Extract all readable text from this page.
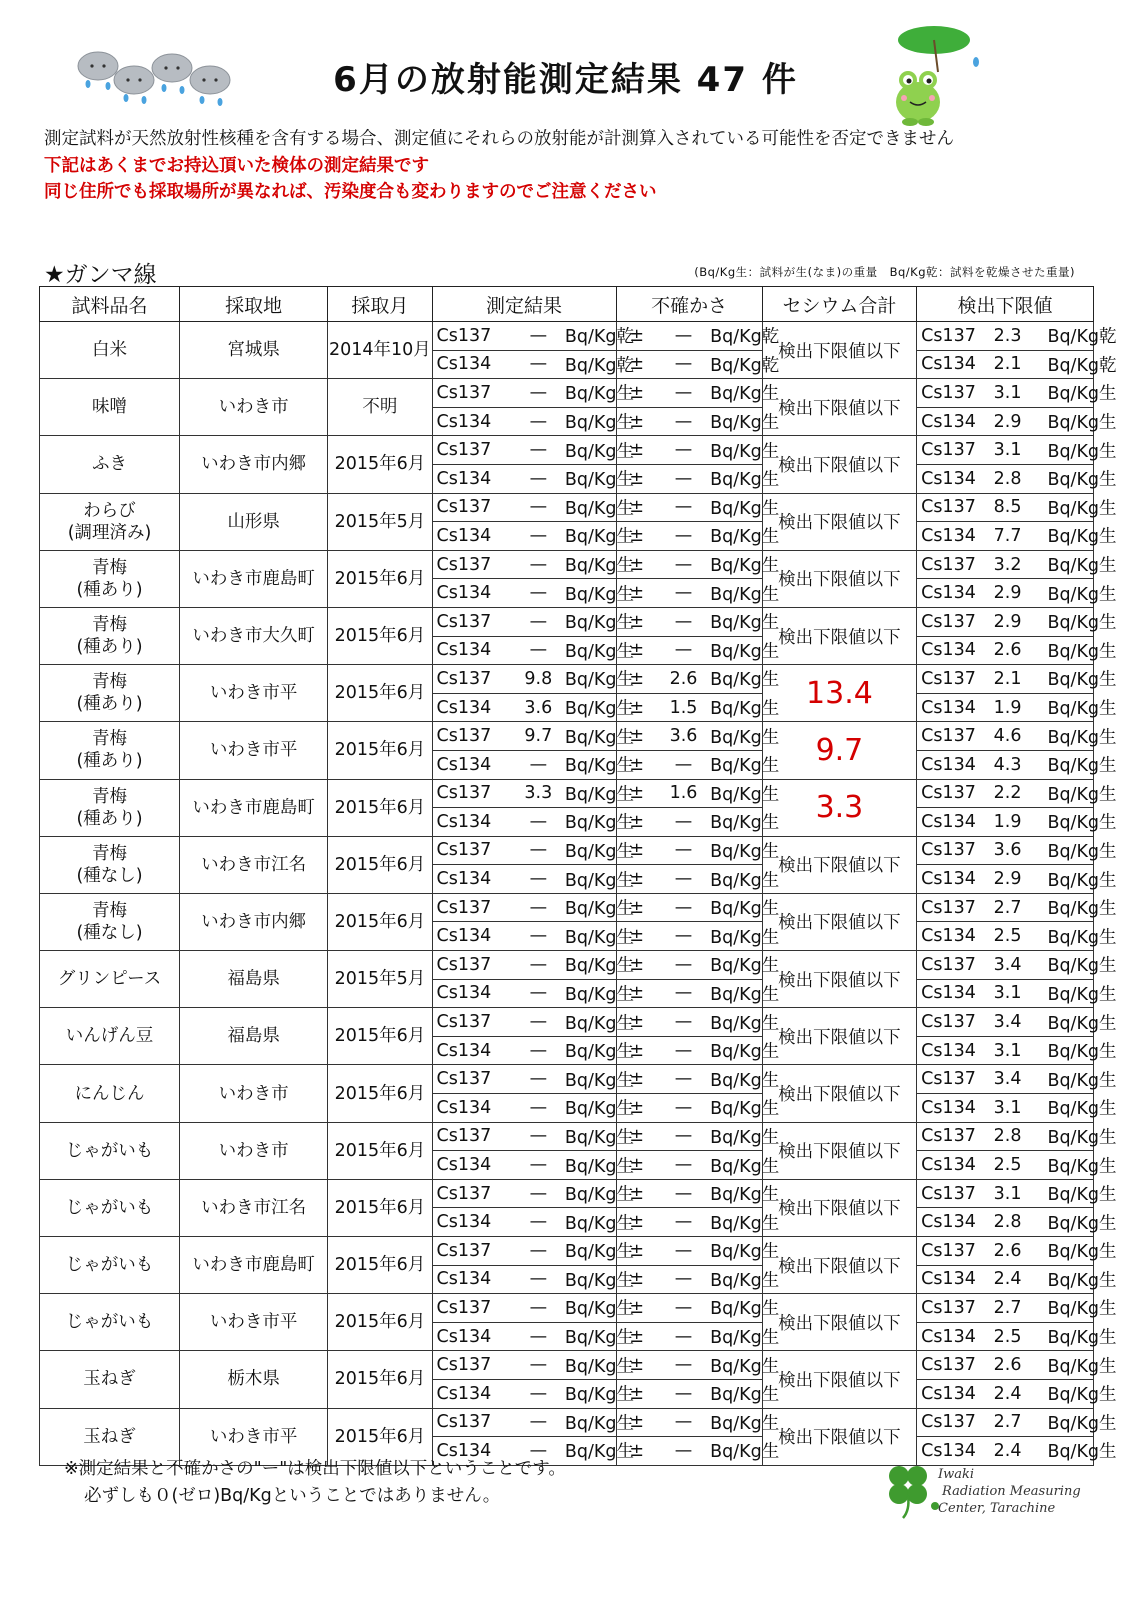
6月の放射能測定結果 47 件
測定試料が天然放射性核種を含有する場合、測定値にそれらの放射能が計測算入されている可能性を否定できません
下記はあくまでお持込頂いた検体の測定結果です
同じ住所でも採取場所が異なれば、汚染度合も変わりますのでご注意ください
★ガンマ線	(Bq/Kg生：試料が生(なま)の重量　Bq/Kg乾：試料を乾燥させた重量)
試料品名	採取地	採取月	測定結果			不確かさ			セシウム合計	検出下限値		
白米	宮城県	2014年10月	Cs137	—	Bq/Kg乾	±	—	Bq/Kg乾	検出下限値以下	Cs137	2.3	Bq/Kg乾
			Cs134	—	Bq/Kg乾	±	—	Bq/Kg乾		Cs134	2.1	Bq/Kg乾
味噌	いわき市	不明	Cs137	—	Bq/Kg生	±	—	Bq/Kg生	検出下限値以下	Cs137	3.1	Bq/Kg生
			Cs134	—	Bq/Kg生	±	—	Bq/Kg生		Cs134	2.9	Bq/Kg生
ふき	いわき市内郷	2015年6月	Cs137	—	Bq/Kg生	±	—	Bq/Kg生	検出下限値以下	Cs137	3.1	Bq/Kg生
			Cs134	—	Bq/Kg生	±	—	Bq/Kg生		Cs134	2.8	Bq/Kg生
わらび
(調理済み)	山形県	2015年5月	Cs137	—	Bq/Kg生	±	—	Bq/Kg生	検出下限値以下	Cs137	8.5	Bq/Kg生
			Cs134	—	Bq/Kg生	±	—	Bq/Kg生		Cs134	7.7	Bq/Kg生
青梅
(種あり)	いわき市鹿島町	2015年6月	Cs137	—	Bq/Kg生	±	—	Bq/Kg生	検出下限値以下	Cs137	3.2	Bq/Kg生
			Cs134	—	Bq/Kg生	±	—	Bq/Kg生		Cs134	2.9	Bq/Kg生
青梅
(種あり)	いわき市大久町	2015年6月	Cs137	—	Bq/Kg生	±	—	Bq/Kg生	検出下限値以下	Cs137	2.9	Bq/Kg生
			Cs134	—	Bq/Kg生	±	—	Bq/Kg生		Cs134	2.6	Bq/Kg生
青梅
(種あり)	いわき市平	2015年6月	Cs137	9.8	Bq/Kg生	±	2.6	Bq/Kg生	13.4	Cs137	2.1	Bq/Kg生
			Cs134	3.6	Bq/Kg生	±	1.5	Bq/Kg生		Cs134	1.9	Bq/Kg生
青梅
(種あり)	いわき市平	2015年6月	Cs137	9.7	Bq/Kg生	±	3.6	Bq/Kg生	9.7	Cs137	4.6	Bq/Kg生
			Cs134	—	Bq/Kg生	±	—	Bq/Kg生		Cs134	4.3	Bq/Kg生
青梅
(種あり)	いわき市鹿島町	2015年6月	Cs137	3.3	Bq/Kg生	±	1.6	Bq/Kg生	3.3	Cs137	2.2	Bq/Kg生
			Cs134	—	Bq/Kg生	±	—	Bq/Kg生		Cs134	1.9	Bq/Kg生
青梅
(種なし)	いわき市江名	2015年6月	Cs137	—	Bq/Kg生	±	—	Bq/Kg生	検出下限値以下	Cs137	3.6	Bq/Kg生
			Cs134	—	Bq/Kg生	±	—	Bq/Kg生		Cs134	2.9	Bq/Kg生
青梅
(種なし)	いわき市内郷	2015年6月	Cs137	—	Bq/Kg生	±	—	Bq/Kg生	検出下限値以下	Cs137	2.7	Bq/Kg生
			Cs134	—	Bq/Kg生	±	—	Bq/Kg生		Cs134	2.5	Bq/Kg生
グリンピース	福島県	2015年5月	Cs137	—	Bq/Kg生	±	—	Bq/Kg生	検出下限値以下	Cs137	3.4	Bq/Kg生
			Cs134	—	Bq/Kg生	±	—	Bq/Kg生		Cs134	3.1	Bq/Kg生
いんげん豆	福島県	2015年6月	Cs137	—	Bq/Kg生	±	—	Bq/Kg生	検出下限値以下	Cs137	3.4	Bq/Kg生
			Cs134	—	Bq/Kg生	±	—	Bq/Kg生		Cs134	3.1	Bq/Kg生
にんじん	いわき市	2015年6月	Cs137	—	Bq/Kg生	±	—	Bq/Kg生	検出下限値以下	Cs137	3.4	Bq/Kg生
			Cs134	—	Bq/Kg生	±	—	Bq/Kg生		Cs134	3.1	Bq/Kg生
じゃがいも	いわき市	2015年6月	Cs137	—	Bq/Kg生	±	—	Bq/Kg生	検出下限値以下	Cs137	2.8	Bq/Kg生
			Cs134	—	Bq/Kg生	±	—	Bq/Kg生		Cs134	2.5	Bq/Kg生
じゃがいも	いわき市江名	2015年6月	Cs137	—	Bq/Kg生	±	—	Bq/Kg生	検出下限値以下	Cs137	3.1	Bq/Kg生
			Cs134	—	Bq/Kg生	±	—	Bq/Kg生		Cs134	2.8	Bq/Kg生
じゃがいも	いわき市鹿島町	2015年6月	Cs137	—	Bq/Kg生	±	—	Bq/Kg生	検出下限値以下	Cs137	2.6	Bq/Kg生
			Cs134	—	Bq/Kg生	±	—	Bq/Kg生		Cs134	2.4	Bq/Kg生
じゃがいも	いわき市平	2015年6月	Cs137	—	Bq/Kg生	±	—	Bq/Kg生	検出下限値以下	Cs137	2.7	Bq/Kg生
			Cs134	—	Bq/Kg生	±	—	Bq/Kg生		Cs134	2.5	Bq/Kg生
玉ねぎ	栃木県	2015年6月	Cs137	—	Bq/Kg生	±	—	Bq/Kg生	検出下限値以下	Cs137	2.6	Bq/Kg生
			Cs134	—	Bq/Kg生	±	—	Bq/Kg生		Cs134	2.4	Bq/Kg生
玉ねぎ	いわき市平	2015年6月	Cs137	—	Bq/Kg生	±	—	Bq/Kg生	検出下限値以下	Cs137	2.7	Bq/Kg生
			Cs134	—	Bq/Kg生	±	—	Bq/Kg生		Cs134	2.4	Bq/Kg生
※測定結果と不確かさの"ー"は検出下限値以下ということです。
必ずしも０(ゼロ)Bq/Kgということではありません。
Iwaki
Radiation Measuring
Center, Tarachine
